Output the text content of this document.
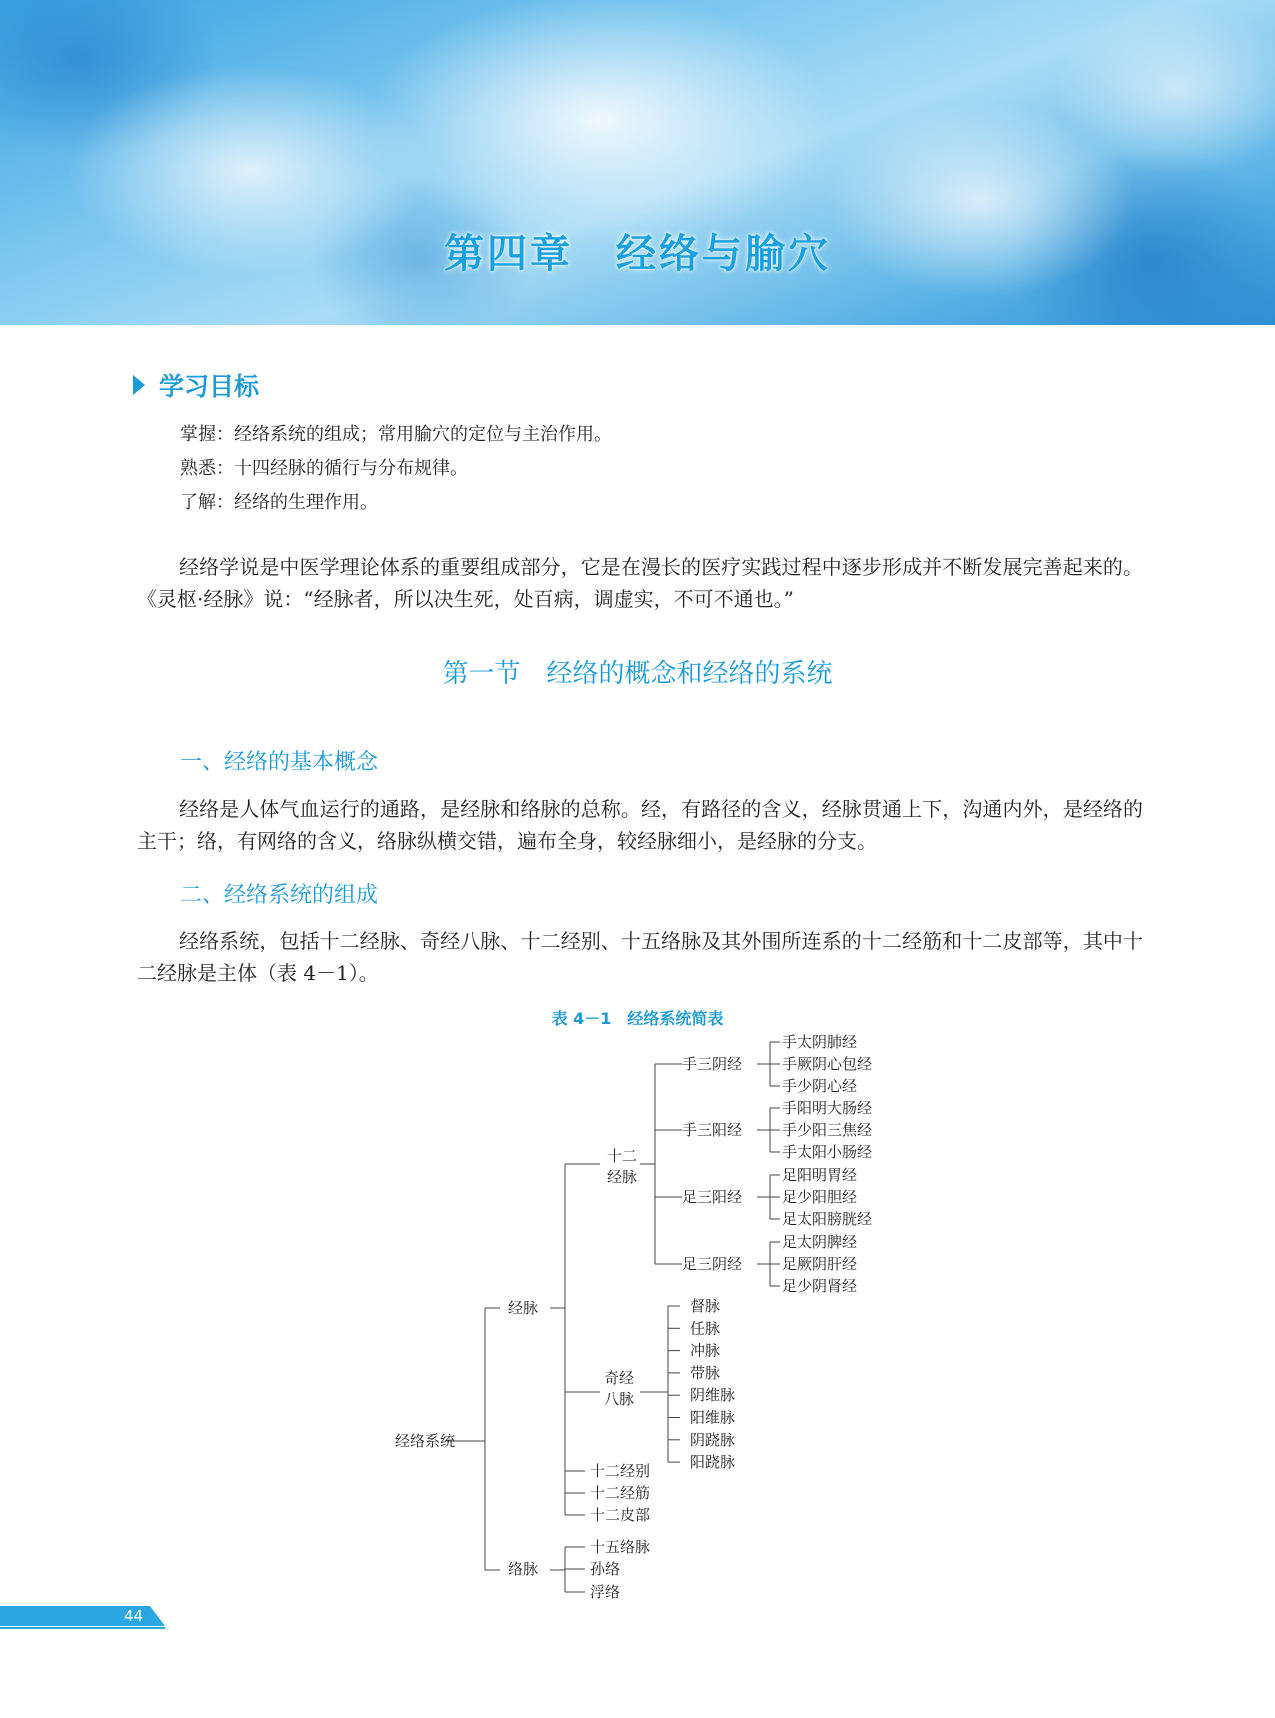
第四章　经络与腧穴
学习目标
掌握：经络系统的组成；常用腧穴的定位与主治作用。
熟悉：十四经脉的循行与分布规律。
了解：经络的生理作用。
经络学说是中医学理论体系的重要组成部分，它是在漫长的医疗实践过程中逐步形成并不断发展完善起来的。《灵枢·经脉》说：“经脉者，所以决生死，处百病，调虚实，不可不通也。”
第一节　经络的概念和经络的系统
一、经络的基本概念
经络是人体气血运行的通路，是经脉和络脉的总称。经，有路径的含义，经脉贯通上下，沟通内外，是经络的主干；络，有网络的含义，络脉纵横交错，遍布全身，较经脉细小，是经脉的分支。
二、经络系统的组成
经络系统，包括十二经脉、奇经八脉、十二经别、十五络脉及其外围所连系的十二经筋和十二皮部等，其中十二经脉是主体（表 4－1）。
表 4－1　经络系统简表
经络系统
经脉
络脉
十二
经脉
奇经
八脉
手三阴经
手太阴肺经
手厥阴心包经
手少阴心经
手三阳经
手阳明大肠经
手少阳三焦经
手太阳小肠经
足三阳经
足阳明胃经
足少阳胆经
足太阳膀胱经
足三阴经
足太阴脾经
足厥阴肝经
足少阴肾经
督脉
任脉
冲脉
带脉
阴维脉
阳维脉
阴跷脉
阳跷脉
十二经别
十二经筋
十二皮部
十五络脉
孙络
浮络
44
